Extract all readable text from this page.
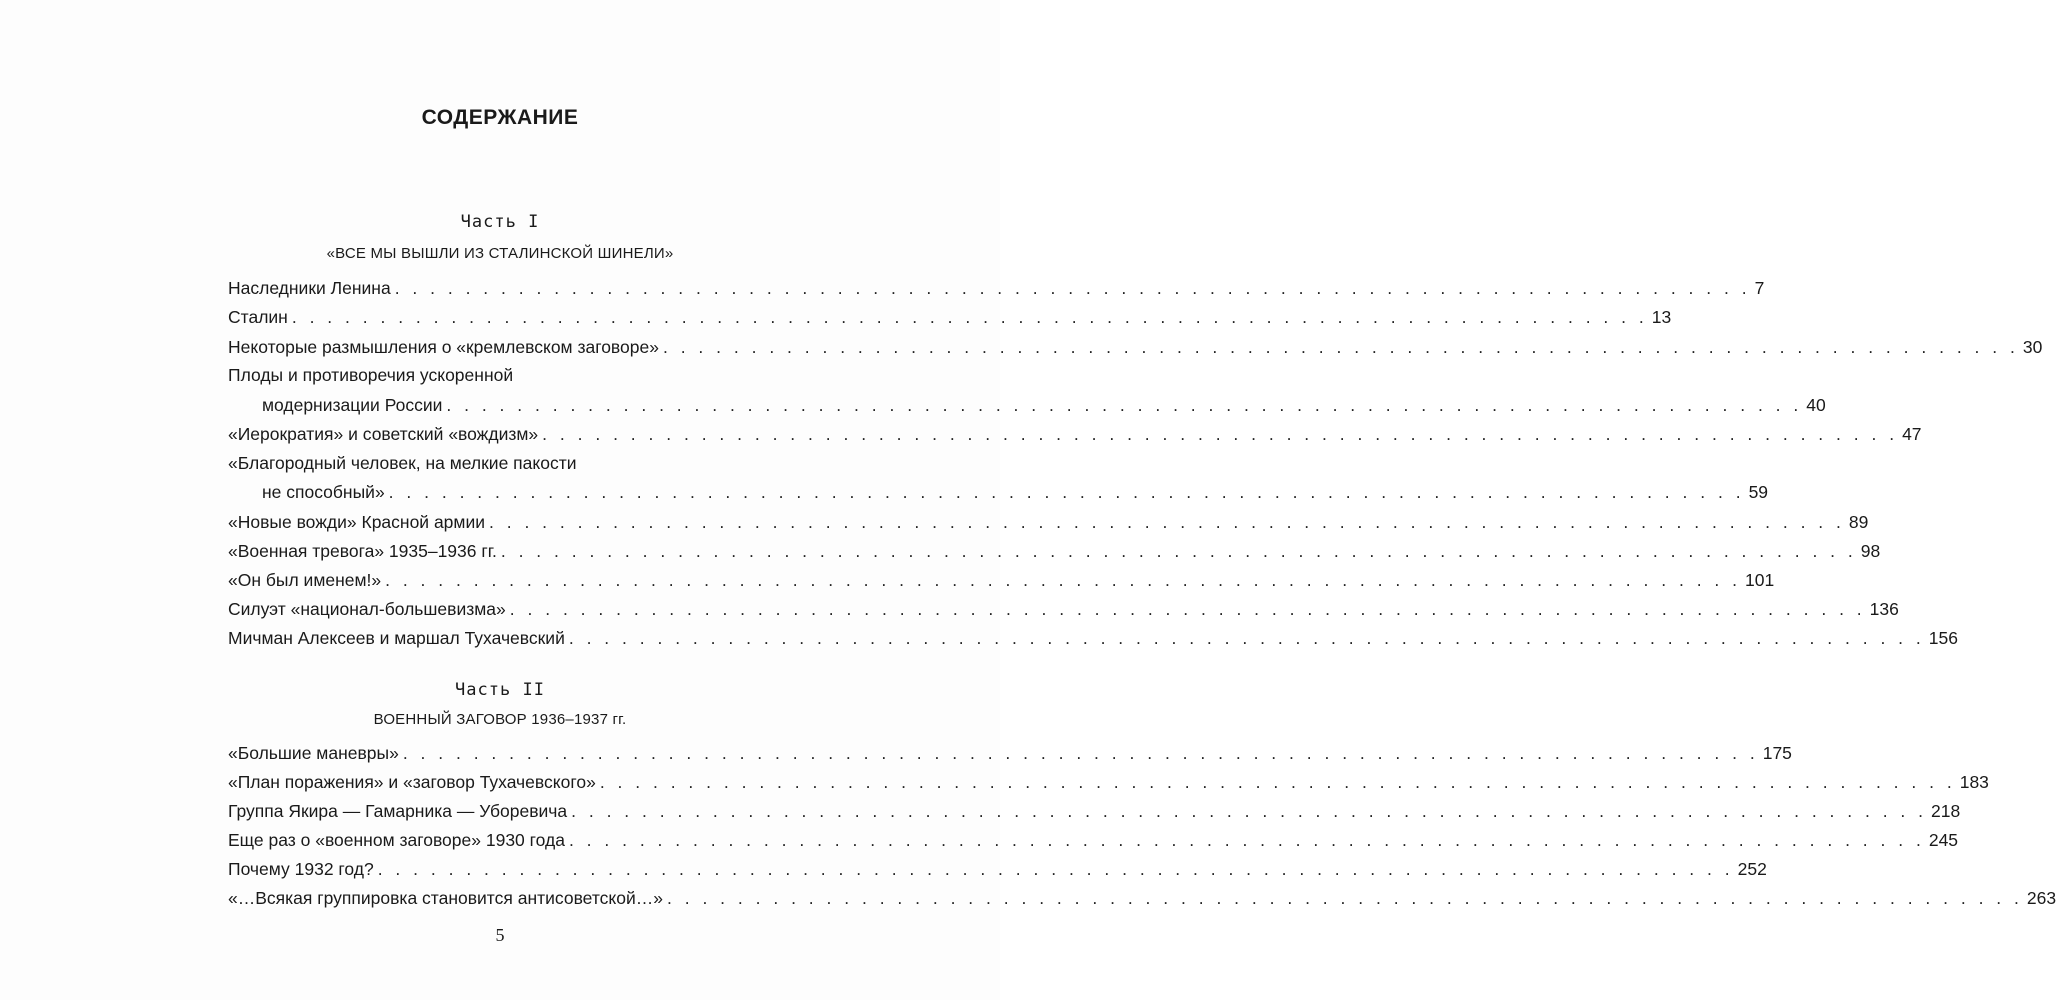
СОДЕРЖАНИЕ
Часть I
«ВСЕ МЫ ВЫШЛИ ИЗ СТАЛИНСКОЙ ШИНЕЛИ»
Наследники Ленина . . . . . . . . . . . . . . . . . . . . . . . . . . . . . . . . . . . . . . . . . . . . . . . . . . . . . . . . . . . . . . . . . . . . . . . . . . . . . 7
Сталин . . . . . . . . . . . . . . . . . . . . . . . . . . . . . . . . . . . . . . . . . . . . . . . . . . . . . . . . . . . . . . . . . . . . . . . . . . . . . 13
Некоторые размышления о «кремлевском заговоре» . . . . . . . . . . . . . . . . . . . . . . . . . . . . . . . . . . . . . . . . . . . . . . . . . . . . . . . . . . . . . . . . . . . . . . . . . . . . . 30
Плоды и противоречия ускоренной
модернизации России . . . . . . . . . . . . . . . . . . . . . . . . . . . . . . . . . . . . . . . . . . . . . . . . . . . . . . . . . . . . . . . . . . . . . . . . . . . . . 40
«Иерократия» и советский «вождизм» . . . . . . . . . . . . . . . . . . . . . . . . . . . . . . . . . . . . . . . . . . . . . . . . . . . . . . . . . . . . . . . . . . . . . . . . . . . . . 47
«Благородный человек, на мелкие пакости
не способный» . . . . . . . . . . . . . . . . . . . . . . . . . . . . . . . . . . . . . . . . . . . . . . . . . . . . . . . . . . . . . . . . . . . . . . . . . . . . . 59
«Новые вожди» Красной армии . . . . . . . . . . . . . . . . . . . . . . . . . . . . . . . . . . . . . . . . . . . . . . . . . . . . . . . . . . . . . . . . . . . . . . . . . . . . . 89
«Военная тревога» 1935–1936 гг. . . . . . . . . . . . . . . . . . . . . . . . . . . . . . . . . . . . . . . . . . . . . . . . . . . . . . . . . . . . . . . . . . . . . . . . . . . . . . 98
«Он был именем!» . . . . . . . . . . . . . . . . . . . . . . . . . . . . . . . . . . . . . . . . . . . . . . . . . . . . . . . . . . . . . . . . . . . . . . . . . . . . . 101
Силуэт «национал-большевизма» . . . . . . . . . . . . . . . . . . . . . . . . . . . . . . . . . . . . . . . . . . . . . . . . . . . . . . . . . . . . . . . . . . . . . . . . . . . . . 136
Мичман Алексеев и маршал Тухачевский . . . . . . . . . . . . . . . . . . . . . . . . . . . . . . . . . . . . . . . . . . . . . . . . . . . . . . . . . . . . . . . . . . . . . . . . . . . . . 156
Часть II
ВОЕННЫЙ ЗАГОВОР 1936–1937 гг.
«Большие маневры» . . . . . . . . . . . . . . . . . . . . . . . . . . . . . . . . . . . . . . . . . . . . . . . . . . . . . . . . . . . . . . . . . . . . . . . . . . . . . 175
«План поражения» и «заговор Тухачевского» . . . . . . . . . . . . . . . . . . . . . . . . . . . . . . . . . . . . . . . . . . . . . . . . . . . . . . . . . . . . . . . . . . . . . . . . . . . . . 183
Группа Якира — Гамарника — Уборевича . . . . . . . . . . . . . . . . . . . . . . . . . . . . . . . . . . . . . . . . . . . . . . . . . . . . . . . . . . . . . . . . . . . . . . . . . . . . . 218
Еще раз о «военном заговоре» 1930 года . . . . . . . . . . . . . . . . . . . . . . . . . . . . . . . . . . . . . . . . . . . . . . . . . . . . . . . . . . . . . . . . . . . . . . . . . . . . . 245
Почему 1932 год? . . . . . . . . . . . . . . . . . . . . . . . . . . . . . . . . . . . . . . . . . . . . . . . . . . . . . . . . . . . . . . . . . . . . . . . . . . . . . 252
«…Всякая группировка становится антисоветской…» . . . . . . . . . . . . . . . . . . . . . . . . . . . . . . . . . . . . . . . . . . . . . . . . . . . . . . . . . . . . . . . . . . . . . . . . . . . . . 263
5
